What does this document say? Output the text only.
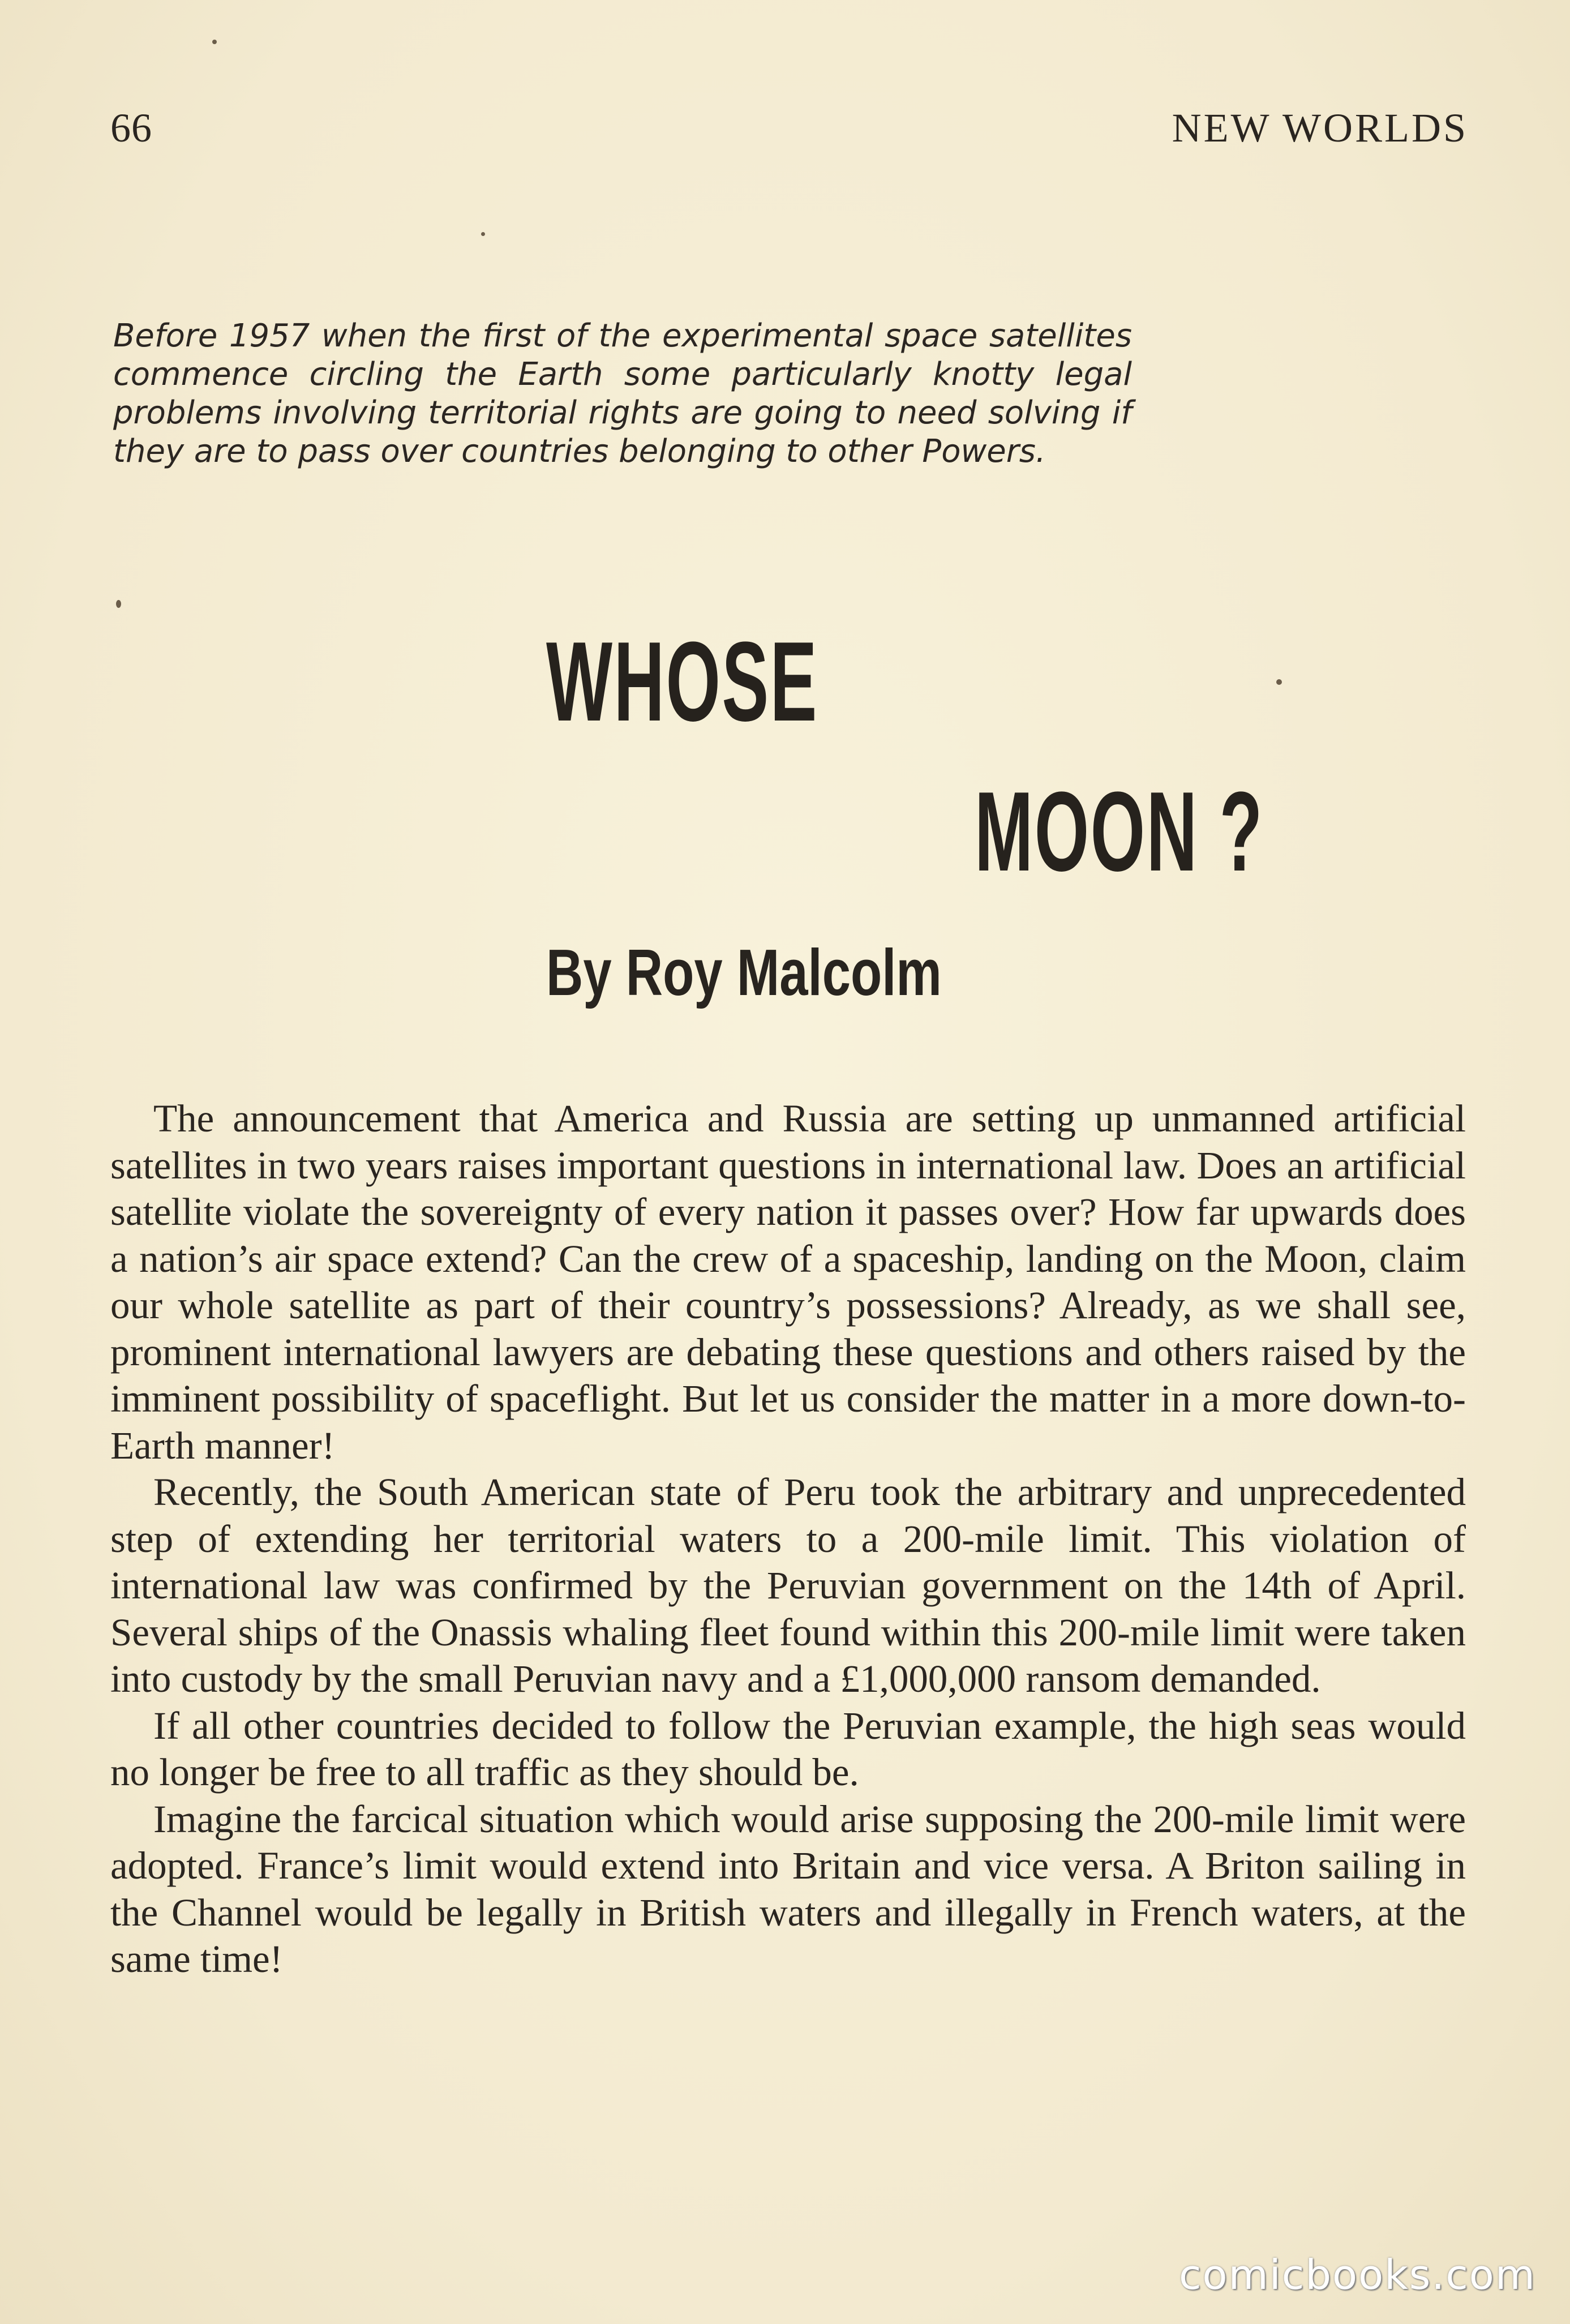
66	NEW WORLDS
Before 1957 when the first of the experimental space satellites commence circling the Earth some particularly knotty legal problems involving territorial rights are going to need solving if they are to pass over countries belonging to other Powers.
WHOSE
MOON ?
By Roy Malcolm

The announcement that America and Russia are setting up unmanned artificial satellites in two years raises important questions in international law. Does an artificial satellite violate the sovereignty of every nation it passes over? How far upwards does a nation’s air space extend? Can the crew of a spaceship, landing on the Moon, claim our whole satellite as part of their country’s possessions? Already, as we shall see, prominent international lawyers are debating these questions and others raised by the imminent possibility of spaceflight. But let us consider the matter in a more down-to-Earth manner!

Recently, the South American state of Peru took the arbitrary and unprecedented step of extending her territorial waters to a 200-mile limit. This violation of international law was confirmed by the Peruvian government on the 14th of April. Several ships of the Onassis whaling fleet found within this 200-mile limit were taken into custody by the small Peruvian navy and a £1,000,000 ransom demanded.

If all other countries decided to follow the Peruvian example, the high seas would no longer be free to all traffic as they should be.

Imagine the farcical situation which would arise supposing the 200-mile limit were adopted. France’s limit would extend into Britain and vice versa. A Briton sailing in the Channel would be legally in British waters and illegally in French waters, at the same time!

comicbooks.com
